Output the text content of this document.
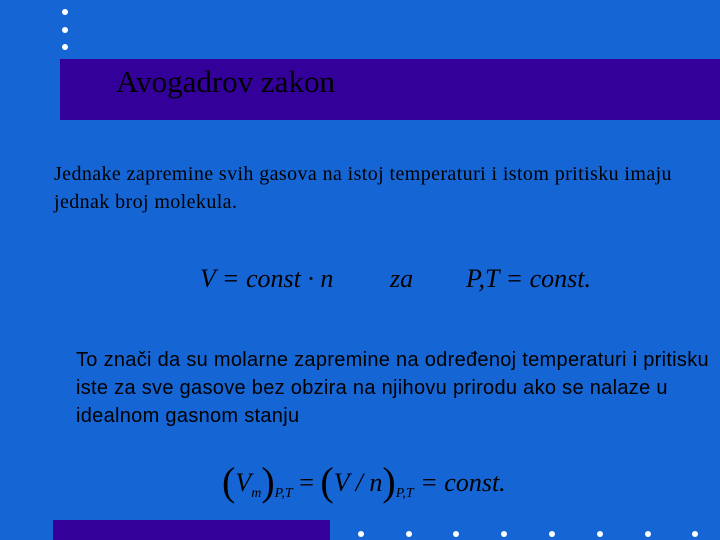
Avogadrov zakon
Jednake zapremine svih gasova na istoj temperaturi i istom pritisku imaju jednak broj molekula.
V = const · n za P,T = const.
To znači da su molarne zapremine na određenoj temperaturi i pritisku iste za sve gasove bez obzira na njihovu prirodu ako se nalaze u idealnom gasnom stanju
$(V_m)_{P,T} = (V / n)_{P,T}$ = const.
